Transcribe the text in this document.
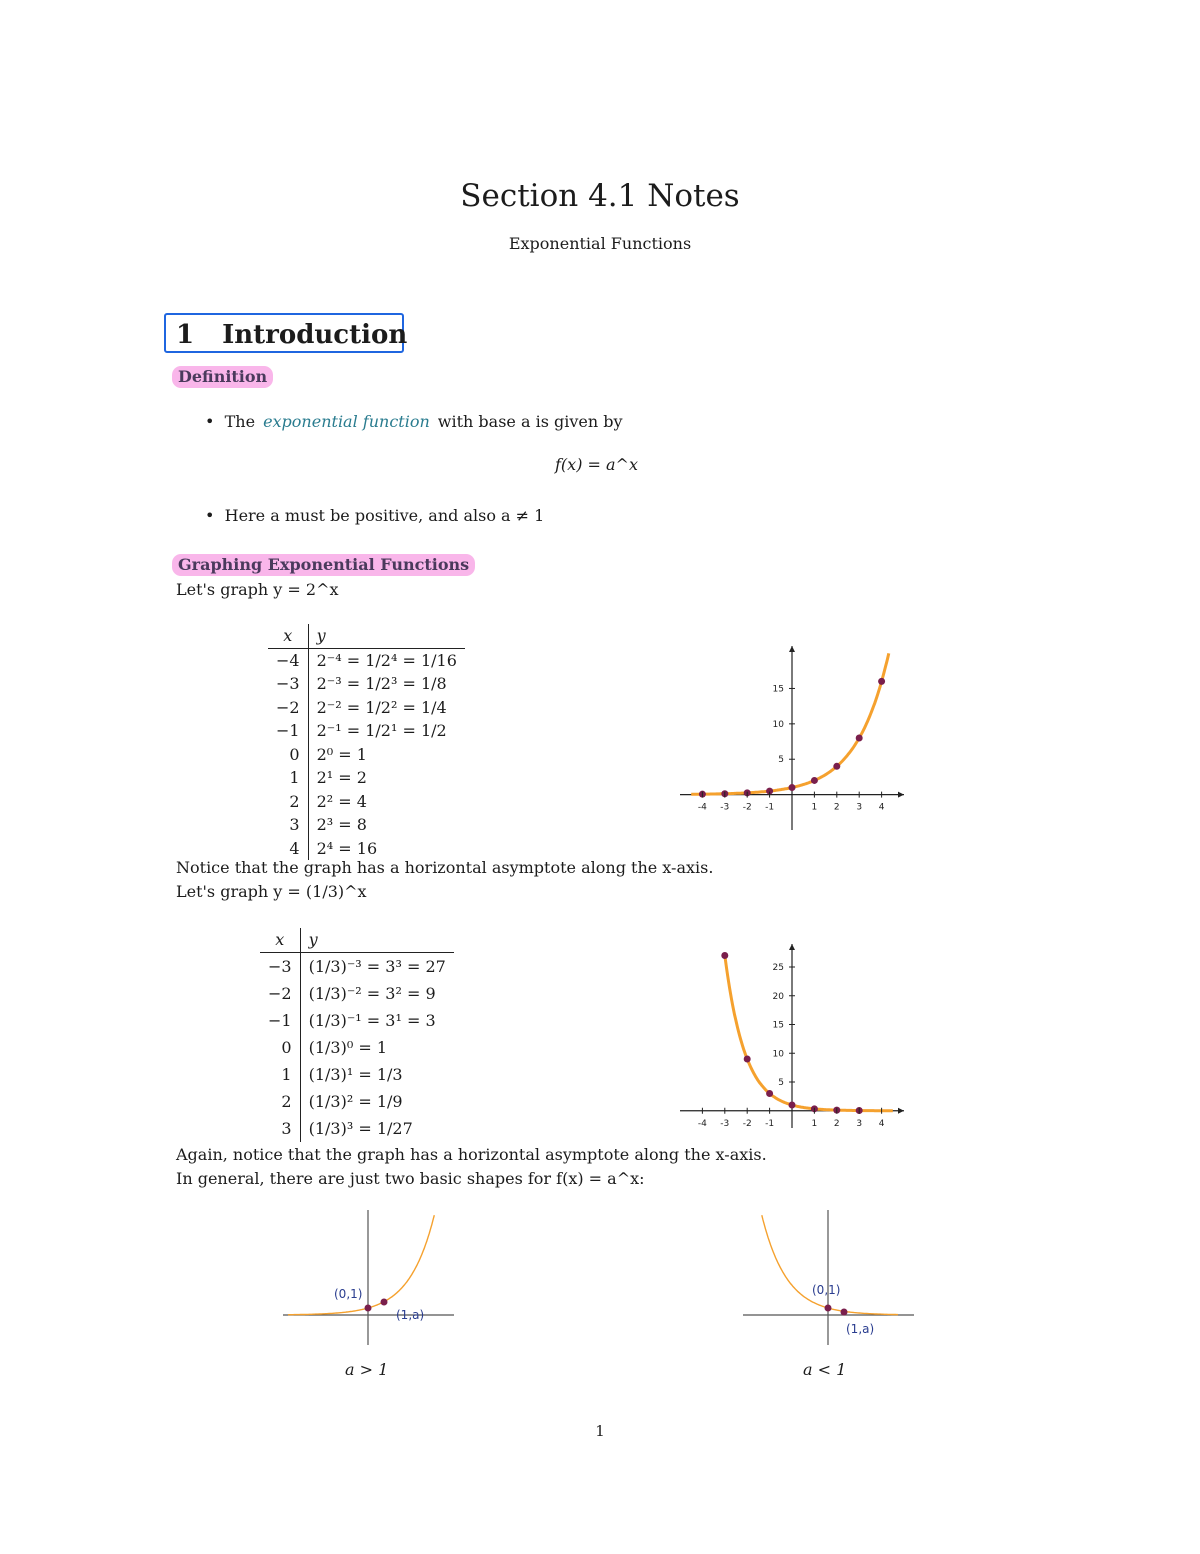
Section 4.1 Notes
Exponential Functions
1 Introduction
Definition
•  The exponential function with base a is given by
f(x) = a^x
•  Here a must be positive, and also a ≠ 1
Graphing Exponential Functions
Let's graph y = 2^x
x	y
−4	2⁻⁴ = 1/2⁴ = 1/16
−3	2⁻³ = 1/2³ = 1/8
−2	2⁻² = 1/2² = 1/4
−1	2⁻¹ = 1/2¹ = 1/2
0	2⁰ = 1
1	2¹ = 2
2	2² = 4
3	2³ = 8
4	2⁴ = 16
-4 -3 -2 -1	1 2 3 4
5
10
15
Notice that the graph has a horizontal asymptote along the x-axis.
Let's graph y = (1/3)^x
x	y
−3	(1/3)⁻³ = 3³ = 27
−2	(1/3)⁻² = 3² = 9
−1	(1/3)⁻¹ = 3¹ = 3
0	(1/3)⁰ = 1
1	(1/3)¹ = 1/3
2	(1/3)² = 1/9
3	(1/3)³ = 1/27	-4 -3 -2 -1	1 2 3 4
5
10
15
20
25
Again, notice that the graph has a horizontal asymptote along the x-axis.
In general, there are just two basic shapes for f(x) = a^x:
(0,1)
(1,a)
a > 1
(0,1)
(1,a)
a < 1
1
